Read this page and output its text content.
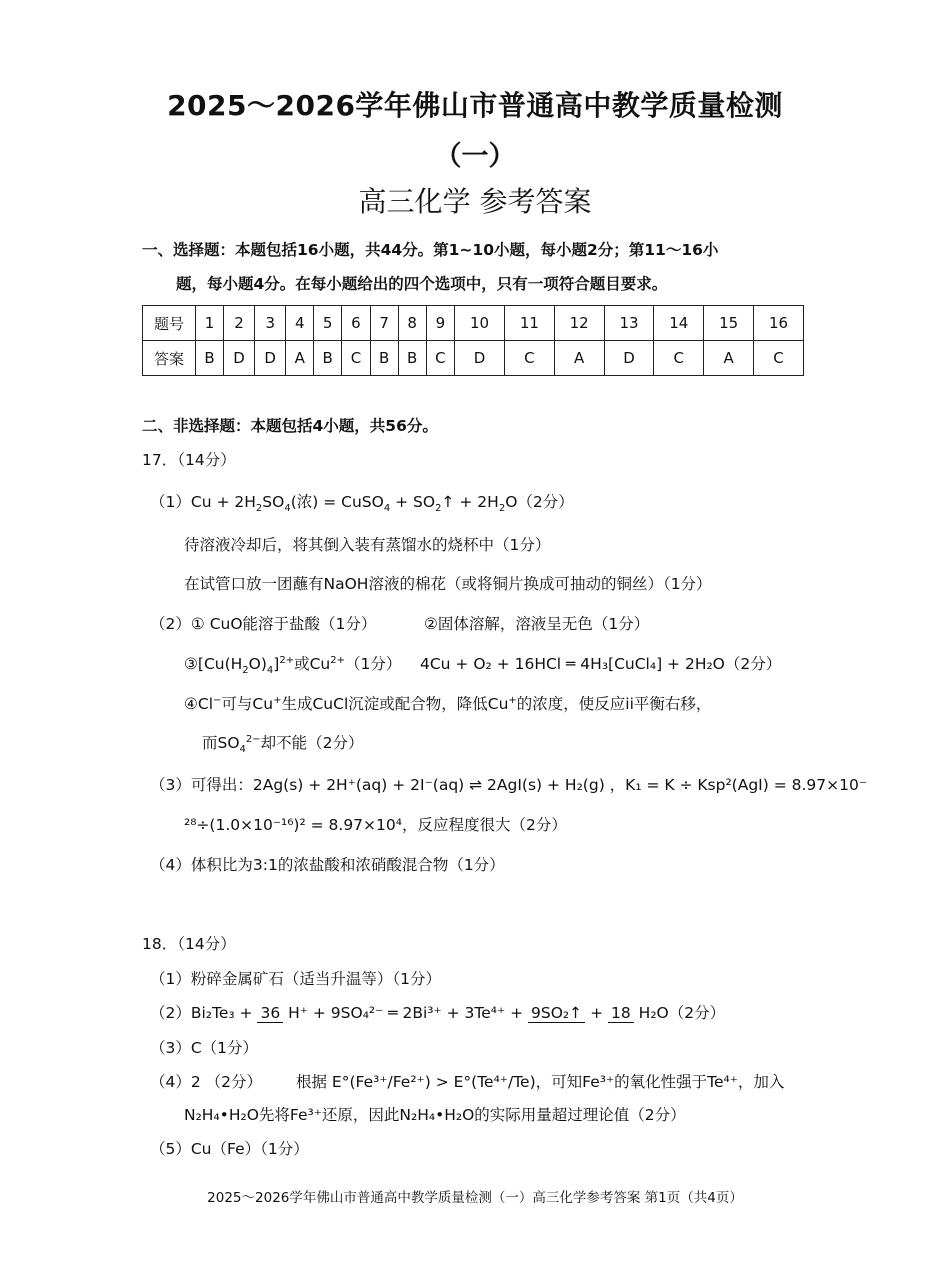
2025～2026学年佛山市普通高中教学质量检测
（一）
高三化学 参考答案
一、选择题：本题包括16小题，共44分。第1~10小题，每小题2分；第11～16小
题，每小题4分。在每小题给出的四个选项中，只有一项符合题目要求。
题号	1	2	3	4	5	6	7	8	9	10	11	12	13	14	15	16
答案	B	D	D	A	B	C	B	B	C	D	C	A	D	C	A	C
二、非选择题：本题包括4小题，共56分。
17．（14分）
$(1)Cu + 2H_2SO_4$(浓) = CuSO$_4$ + $SO_2↑ + 2H_2O(2$分）
待溶液冷却后，将其倒入装有蒸馏水的烧杯中（1分）
在试管口放一团蘸有NaOH溶液的棉花（或将铜片换成可抽动的铜丝）（1分）
（2）① CuO能溶于盐酸（1分）	②固体溶解，溶液呈无色（1分）
$③[Cu(H_2O)_4]^{2+}$或$Cu^{2+}(1$分） 4Cu + O₂ + 16HCl ═ 4H₃[CuCl₄] + 2H₂O（2分）
④Cl−可与Cu+生成CuCl沉淀或配合物，降低Cu+的浓度，使反应ii平衡右移，
而$SO_4^{2-}$却不能（2分）
（3）可得出：2Ag(s) + 2H⁺(aq) + 2I⁻(aq) ⇌ 2AgI(s) + H₂(g) ，K₁ = K ÷ Ksp²(AgI) = 8.97×10⁻
²⁸÷(1.0×10⁻¹⁶)² = 8.97×10⁴，反应程度很大（2分）
（4）体积比为3:1的浓盐酸和浓硝酸混合物（1分）
18．（14分）
（1）粉碎金属矿石（适当升温等）（1分）
（2）Bi₂Te₃ + 36 H⁺ + 9SO₄²⁻ ═ 2Bi³⁺ + 3Te⁴⁺ + 9SO₂↑ + 18 H₂O（2分）
（3）C（1分）
（4）2 （2分） 根据 E°(Fe³⁺/Fe²⁺) > E°(Te⁴⁺/Te)，可知Fe³⁺的氧化性强于Te⁴⁺，加入
N₂H₄•H₂O先将Fe³⁺还原，因此N₂H₄•H₂O的实际用量超过理论值（2分）
（5）Cu（Fe）（1分）
2025～2026学年佛山市普通高中教学质量检测（一）高三化学参考答案 第1页（共4页）
